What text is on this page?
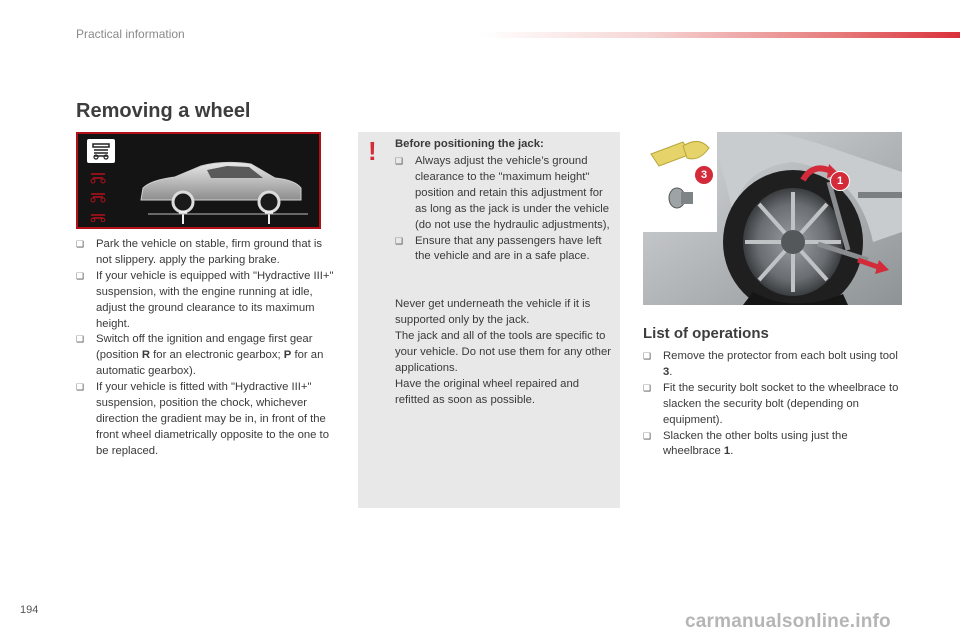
Practical information
Removing a wheel
❑ Park the vehicle on stable, firm ground that is not slippery. apply the parking brake.
❑ If your vehicle is equipped with "Hydractive III+" suspension, with the engine running at idle, adjust the ground clearance to its maximum height.
❑ Switch off the ignition and engage first gear (position R for an electronic gearbox; P for an automatic gearbox).
❑ If your vehicle is fitted with "Hydractive III+" suspension, position the chock, whichever direction the gradient may be in, in front of the front wheel diametrically opposite to the one to be replaced.
! Before positioning the jack:
❑ Always adjust the vehicle’s ground clearance to the "maximum height" position and retain this adjustment for as long as the jack is under the vehicle (do not use the hydraulic adjustments),
❑ Ensure that any passengers have left the vehicle and are in a safe place.
Never get underneath the vehicle if it is supported only by the jack.
The jack and all of the tools are specific to your vehicle. Do not use them for any other applications.
Have the original wheel repaired and refitted as soon as possible.
3	1
List of operations
❑ Remove the protector from each bolt using tool 3.
❑ Fit the security bolt socket to the wheelbrace to slacken the security bolt (depending on equipment).
❑ Slacken the other bolts using just the wheelbrace 1.
194
carmanualsonline.info
